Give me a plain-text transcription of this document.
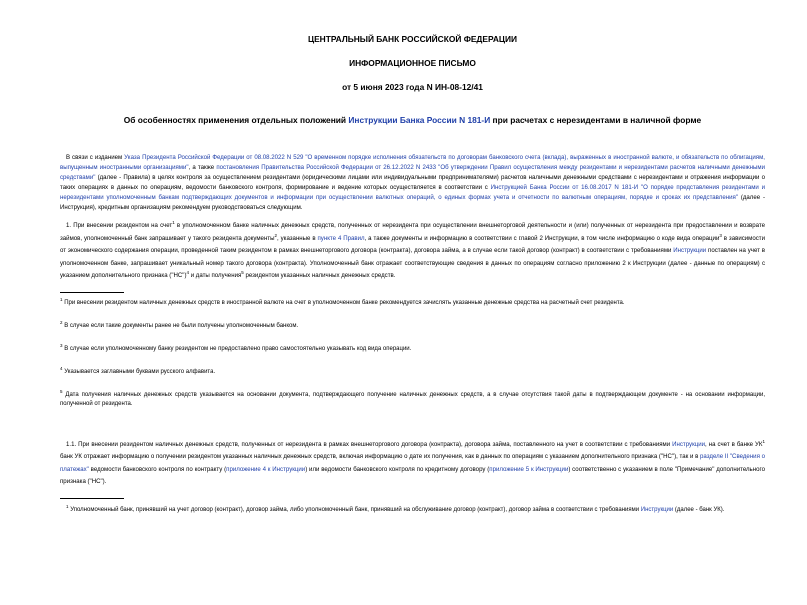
ЦЕНТРАЛЬНЫЙ БАНК РОССИЙСКОЙ ФЕДЕРАЦИИ
ИНФОРМАЦИОННОЕ ПИСЬМО
от 5 июня 2023 года N ИН-08-12/41
Об особенностях применения отдельных положений Инструкции Банка России N 181-И при расчетах с нерезидентами в наличной форме

В связи с изданием Указа Президента Российской Федерации от 08.08.2022 N 529 "О временном порядке исполнения обязательств по договорам банковского счета (вклада), выраженных в иностранной валюте, и обязательств по облигациям, выпущенным иностранными организациями", а также постановления Правительства Российской Федерации от 26.12.2022 N 2433 "Об утверждении Правил осуществления между резидентами и нерезидентами расчетов наличными денежными средствами" (далее - Правила) в целях контроля за осуществлением резидентами (юридическими лицами или индивидуальными предпринимателями) расчетов наличными денежными средствами с нерезидентами и отражения информации о таких операциях в данных по операциям, ведомости банковского контроля, формирование и ведение которых осуществляется в соответствии с Инструкцией Банка России от 16.08.2017 N 181-И "О порядке представления резидентами и нерезидентами уполномоченным банкам подтверждающих документов и информации при осуществлении валютных операций, о единых формах учета и отчетности по валютным операциям, порядке и сроках их представления" (далее - Инструкция), кредитным организациям рекомендуем руководствоваться следующим.

1. При внесении резидентом на счет$^1$ в уполномоченном банке наличных денежных средств, полученных от нерезидента при осуществлении внешнеторговой деятельности и (или) полученных от нерезидента при предоставлении и возврате займов, уполномоченный банк запрашивает у такого резидента документы$^2$, указанные в пункте 4 Правил, а также документы и информацию в соответствии с главой 2 Инструкции, в том числе информацию о коде вида операции$^3$ в зависимости от экономического содержания операции, проведенной таким резидентом в рамках внешнеторгового договора (контракта), договора займа, а в случае если такой договор (контракт) в соответствии с требованиями Инструкции поставлен на учет в уполномоченном банке, запрашивает уникальный номер такого договора (контракта). Уполномоченный банк отражает соответствующие сведения в данных по операциям согласно приложению 2 к Инструкции (далее - данные по операциям) с указанием дополнительного признака ("НС")$^4$ и даты получения$^5$ резидентом указанных наличных денежных средств.

$^1$ При внесении резидентом наличных денежных средств в иностранной валюте на счет в уполномоченном банке рекомендуется зачислять указанные денежные средства на расчетный счет резидента.

$^2$ В случае если такие документы ранее не были получены уполномоченным банком.

$^3$ В случае если уполномоченному банку резидентом не предоставлено право самостоятельно указывать код вида операции.

$^4$ Указывается заглавными буквами русского алфавита.

$^5$ Дата получения наличных денежных средств указывается на основании документа, подтверждающего получение наличных денежных средств, а в случае отсутствия такой даты в подтверждающем документе - на основании информации, полученной от резидента.

1.1. При внесении резидентом наличных денежных средств, полученных от нерезидента в рамках внешнеторгового договора (контракта), договора займа, поставленного на учет в соответствии с требованиями Инструкции, на счет в банке $УК^1$ банк УК отражает информацию о получении резидентом указанных наличных денежных средств, включая информацию о дате их получения, как в данных по операциям с указанием дополнительного признака ("НС"), так и в разделе II "Сведения о платежах" ведомости банковского контроля по контракту (приложение 4 к Инструкции) или ведомости банковского контроля по кредитному договору (приложение 5 к Инструкции) соответственно с указанием в поле "Примечание" дополнительного признака ("НС").

$^1$ Уполномоченный банк, принявший на учет договор (контракт), договор займа, либо уполномоченный банк, принявший на обслуживание договор (контракт), договор займа в соответствии с требованиями Инструкции (далее - банк УК).
